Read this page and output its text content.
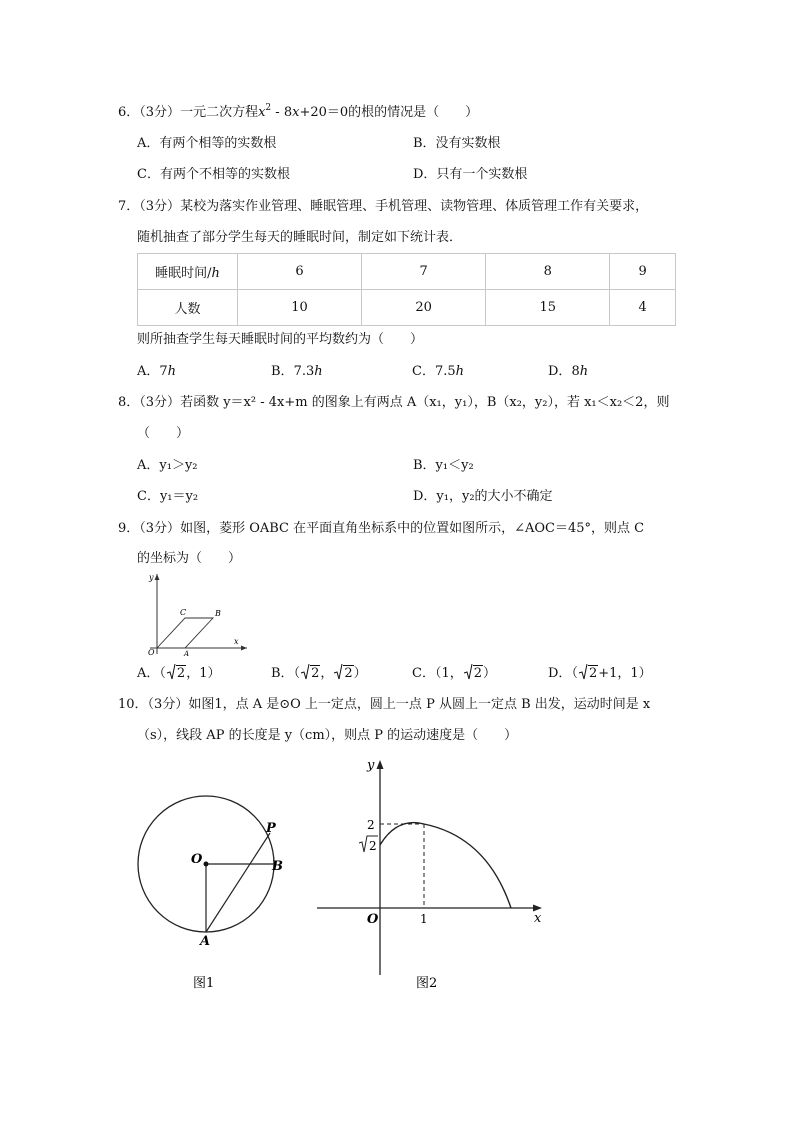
6．（3分）一元二次方程$x^2 - 8x+20=0$的根的情况是（　　）
A．有两个相等的实数根	B．没有实数根
C．有两个不相等的实数根	D．只有一个实数根
7．（3分）某校为落实作业管理、睡眠管理、手机管理、读物管理、体质管理工作有关要求，
随机抽查了部分学生每天的睡眠时间，制定如下统计表．
睡眠时间/h	6	7	8	9
人数	10	20	15	4
则所抽查学生每天睡眠时间的平均数约为（　　）
A．7h	B．7.3h	C．7.5h	D．8h
8．（3分）若函数 y＝x² - 4x+m 的图象上有两点 A（x₁，y₁），B（x₂，y₂），若 x₁＜x₂＜2，则
（　　）
A．y₁＞y₂	B．y₁＜y₂
C．y₁＝y₂	D．y₁，y₂的大小不确定
9．（3分）如图，菱形 OABC 在平面直角坐标系中的位置如图所示，∠AOC＝45°，则点 C
的坐标为（　　）
y
x
O	A
B
C
A．（ 2，1）	B．（ 2， 2）	C．（1， 2）	D．（ 2+1，1）
10．（3分）如图1，点 A 是⊙O 上一定点，圆上一点 P 从圆上一定点 B 出发，运动时间是 x
（s），线段 AP 的长度是 y（cm），则点 P 的运动速度是（　　）
O
A
B
P
图1
y
x
O
2
2
1
图2
